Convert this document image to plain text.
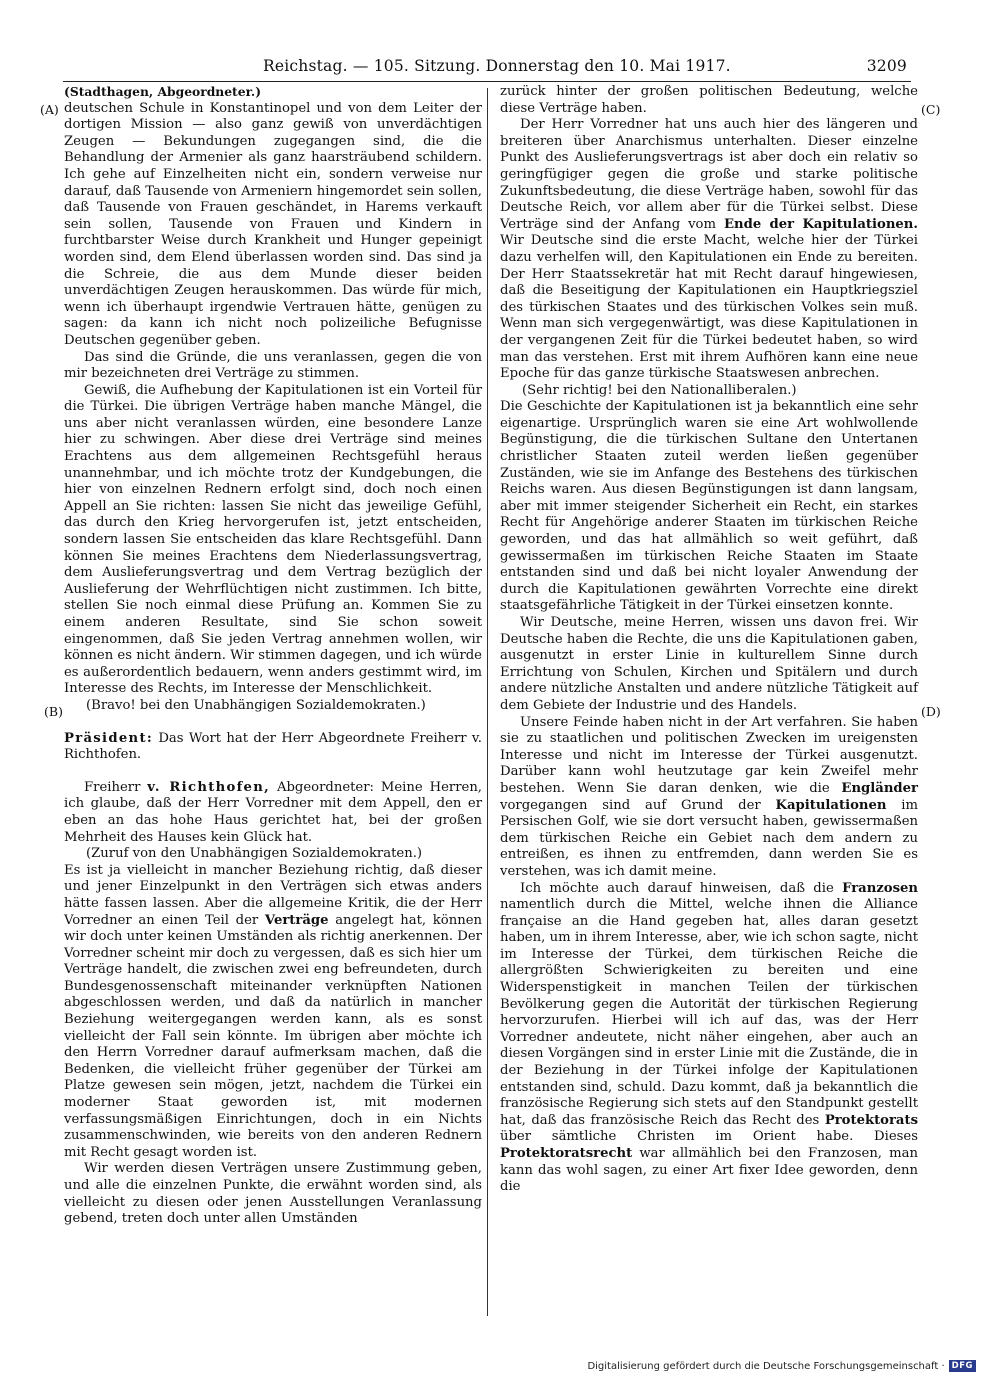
Reichstag. — 105. Sitzung. Donnerstag den 10. Mai 1917.	3209
(A)
(B)
(C)
(D)

(Stadthagen, Abgeordneter.)

deutschen Schule in Konstantinopel und von dem Leiter der dortigen Mission — also ganz gewiß von unverdächtigen Zeugen — Bekundungen zugegangen sind, die die Behandlung der Armenier als ganz haarsträubend schildern. Ich gehe auf Einzelheiten nicht ein, sondern verweise nur darauf, daß Tausende von Armeniern hingemordet sein sollen, daß Tausende von Frauen geschändet, in Harems verkauft sein sollen, Tausende von Frauen und Kindern in furchtbarster Weise durch Krankheit und Hunger gepeinigt worden sind, dem Elend überlassen worden sind. Das sind ja die Schreie, die aus dem Munde dieser beiden unverdächtigen Zeugen herauskommen. Das würde für mich, wenn ich überhaupt irgendwie Vertrauen hätte, genügen zu sagen: da kann ich nicht noch polizeiliche Befugnisse Deutschen gegenüber geben.

Das sind die Gründe, die uns veranlassen, gegen die von mir bezeichneten drei Verträge zu stimmen.

Gewiß, die Aufhebung der Kapitulationen ist ein Vorteil für die Türkei. Die übrigen Verträge haben manche Mängel, die uns aber nicht veranlassen würden, eine besondere Lanze hier zu schwingen. Aber diese drei Verträge sind meines Erachtens aus dem allgemeinen Rechtsgefühl heraus unannehmbar, und ich möchte trotz der Kundgebungen, die hier von einzelnen Rednern erfolgt sind, doch noch einen Appell an Sie richten: lassen Sie nicht das jeweilige Gefühl, das durch den Krieg hervorgerufen ist, jetzt entscheiden, sondern lassen Sie entscheiden das klare Rechtsgefühl. Dann können Sie meines Erachtens dem Niederlassungsvertrag, dem Auslieferungsvertrag und dem Vertrag bezüglich der Auslieferung der Wehrflüchtigen nicht zustimmen. Ich bitte, stellen Sie noch einmal diese Prüfung an. Kommen Sie zu einem anderen Resultate, sind Sie schon soweit eingenommen, daß Sie jeden Vertrag annehmen wollen, wir können es nicht ändern. Wir stimmen dagegen, und ich würde es außerordentlich bedauern, wenn anders gestimmt wird, im Interesse des Rechts, im Interesse der Menschlichkeit.

(Bravo! bei den Unabhängigen Sozialdemokraten.)

Präsident: Das Wort hat der Herr Abgeordnete Freiherr v. Richthofen.

Freiherr v. Richthofen, Abgeordneter: Meine Herren, ich glaube, daß der Herr Vorredner mit dem Appell, den er eben an das hohe Haus gerichtet hat, bei der großen Mehrheit des Hauses kein Glück hat.

(Zuruf von den Unabhängigen Sozialdemokraten.)

Es ist ja vielleicht in mancher Beziehung richtig, daß dieser und jener Einzelpunkt in den Verträgen sich etwas anders hätte fassen lassen. Aber die allgemeine Kritik, die der Herr Vorredner an einen Teil der Verträge angelegt hat, können wir doch unter keinen Umständen als richtig anerkennen. Der Vorredner scheint mir doch zu vergessen, daß es sich hier um Verträge handelt, die zwischen zwei eng befreundeten, durch Bundesgenossenschaft miteinander verknüpften Nationen abgeschlossen werden, und daß da natürlich in mancher Beziehung weitergegangen werden kann, als es sonst vielleicht der Fall sein könnte. Im übrigen aber möchte ich den Herrn Vorredner darauf aufmerksam machen, daß die Bedenken, die vielleicht früher gegenüber der Türkei am Platze gewesen sein mögen, jetzt, nachdem die Türkei ein moderner Staat geworden ist, mit modernen verfassungsmäßigen Einrichtungen, doch in ein Nichts zusammenschwinden, wie bereits von den anderen Rednern mit Recht gesagt worden ist.

Wir werden diesen Verträgen unsere Zustimmung geben, und alle die einzelnen Punkte, die erwähnt worden sind, als vielleicht zu diesen oder jenen Ausstellungen Veranlassung gebend, treten doch unter allen Umständen

zurück hinter der großen politischen Bedeutung, welche diese Verträge haben.

Der Herr Vorredner hat uns auch hier des längeren und breiteren über Anarchismus unterhalten. Dieser einzelne Punkt des Auslieferungsvertrags ist aber doch ein relativ so geringfügiger gegen die große und starke politische Zukunftsbedeutung, die diese Verträge haben, sowohl für das Deutsche Reich, vor allem aber für die Türkei selbst. Diese Verträge sind der Anfang vom Ende der Kapitulationen. Wir Deutsche sind die erste Macht, welche hier der Türkei dazu verhelfen will, den Kapitulationen ein Ende zu bereiten. Der Herr Staatssekretär hat mit Recht darauf hingewiesen, daß die Beseitigung der Kapitulationen ein Hauptkriegsziel des türkischen Staates und des türkischen Volkes sein muß. Wenn man sich vergegenwärtigt, was diese Kapitulationen in der vergangenen Zeit für die Türkei bedeutet haben, so wird man das verstehen. Erst mit ihrem Aufhören kann eine neue Epoche für das ganze türkische Staatswesen anbrechen.

(Sehr richtig! bei den Nationalliberalen.)

Die Geschichte der Kapitulationen ist ja bekanntlich eine sehr eigenartige. Ursprünglich waren sie eine Art wohlwollende Begünstigung, die die türkischen Sultane den Untertanen christlicher Staaten zuteil werden ließen gegenüber Zuständen, wie sie im Anfange des Bestehens des türkischen Reichs waren. Aus diesen Begünstigungen ist dann langsam, aber mit immer steigender Sicherheit ein Recht, ein starkes Recht für Angehörige anderer Staaten im türkischen Reiche geworden, und das hat allmählich so weit geführt, daß gewissermaßen im türkischen Reiche Staaten im Staate entstanden sind und daß bei nicht loyaler Anwendung der durch die Kapitulationen gewährten Vorrechte eine direkt staatsgefährliche Tätigkeit in der Türkei einsetzen konnte.

Wir Deutsche, meine Herren, wissen uns davon frei. Wir Deutsche haben die Rechte, die uns die Kapitulationen gaben, ausgenutzt in erster Linie in kulturellem Sinne durch Errichtung von Schulen, Kirchen und Spitälern und durch andere nützliche Anstalten und andere nützliche Tätigkeit auf dem Gebiete der Industrie und des Handels.

Unsere Feinde haben nicht in der Art verfahren. Sie haben sie zu staatlichen und politischen Zwecken im ureigensten Interesse und nicht im Interesse der Türkei ausgenutzt. Darüber kann wohl heutzutage gar kein Zweifel mehr bestehen. Wenn Sie daran denken, wie die Engländer vorgegangen sind auf Grund der Kapitulationen im Persischen Golf, wie sie dort versucht haben, gewissermaßen dem türkischen Reiche ein Gebiet nach dem andern zu entreißen, es ihnen zu entfremden, dann werden Sie es verstehen, was ich damit meine.

Ich möchte auch darauf hinweisen, daß die Franzosen namentlich durch die Mittel, welche ihnen die Alliance française an die Hand gegeben hat, alles daran gesetzt haben, um in ihrem Interesse, aber, wie ich schon sagte, nicht im Interesse der Türkei, dem türkischen Reiche die allergrößten Schwierigkeiten zu bereiten und eine Widerspenstigkeit in manchen Teilen der türkischen Bevölkerung gegen die Autorität der türkischen Regierung hervorzurufen. Hierbei will ich auf das, was der Herr Vorredner andeutete, nicht näher eingehen, aber auch an diesen Vorgängen sind in erster Linie mit die Zustände, die in der Beziehung in der Türkei infolge der Kapitulationen entstanden sind, schuld. Dazu kommt, daß ja bekanntlich die französische Regierung sich stets auf den Standpunkt gestellt hat, daß das französische Reich das Recht des Protektorats über sämtliche Christen im Orient habe. Dieses Protektoratsrecht war allmählich bei den Franzosen, man kann das wohl sagen, zu einer Art fixer Idee geworden, denn die

Digitalisierung gefördert durch die Deutsche Forschungsgemeinschaft · DFG
